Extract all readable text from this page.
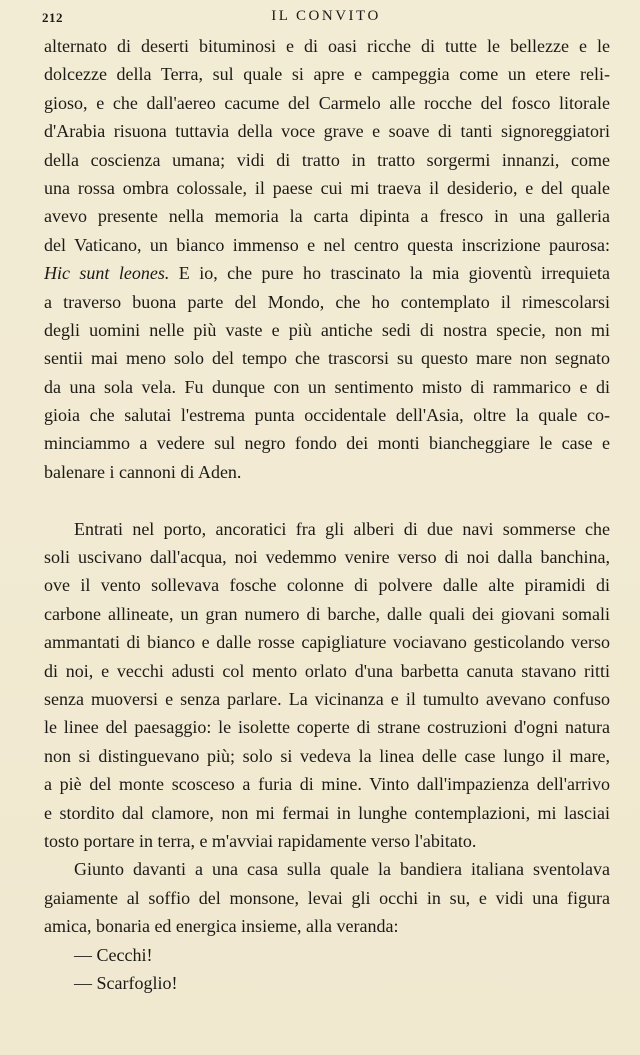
212	IL CONVITO
alternato di deserti bituminosi e di oasi ricche di tutte le bellezze e le
dolcezze della Terra, sul quale si apre e campeggia come un etere reli-
gioso, e che dall'aereo cacume del Carmelo alle rocche del fosco litorale
d'Arabia risuona tuttavia della voce grave e soave di tanti signoreggiatori
della coscienza umana; vidi di tratto in tratto sorgermi innanzi, come
una rossa ombra colossale, il paese cui mi traeva il desiderio, e del quale
avevo presente nella memoria la carta dipinta a fresco in una galleria
del Vaticano, un bianco immenso e nel centro questa inscrizione paurosa:
Hic sunt leones. E io, che pure ho trascinato la mia gioventù irrequieta
a traverso buona parte del Mondo, che ho contemplato il rimescolarsi
degli uomini nelle più vaste e più antiche sedi di nostra specie, non mi
sentii mai meno solo del tempo che trascorsi su questo mare non segnato
da una sola vela. Fu dunque con un sentimento misto di rammarico e di
gioia che salutai l'estrema punta occidentale dell'Asia, oltre la quale co-
minciammo a vedere sul negro fondo dei monti biancheggiare le case e
balenare i cannoni di Aden.
Entrati nel porto, ancoratici fra gli alberi di due navi sommerse che
soli uscivano dall'acqua, noi vedemmo venire verso di noi dalla banchina,
ove il vento sollevava fosche colonne di polvere dalle alte piramidi di
carbone allineate, un gran numero di barche, dalle quali dei giovani somali
ammantati di bianco e dalle rosse capigliature vociavano gesticolando verso
di noi, e vecchi adusti col mento orlato d'una barbetta canuta stavano ritti
senza muoversi e senza parlare. La vicinanza e il tumulto avevano confuso
le linee del paesaggio: le isolette coperte di strane costruzioni d'ogni natura
non si distinguevano più; solo si vedeva la linea delle case lungo il mare,
a piè del monte scosceso a furia di mine. Vinto dall'impazienza dell'arrivo
e stordito dal clamore, non mi fermai in lunghe contemplazioni, mi lasciai
tosto portare in terra, e m'avviai rapidamente verso l'abitato.
Giunto davanti a una casa sulla quale la bandiera italiana sventolava
gaiamente al soffio del monsone, levai gli occhi in su, e vidi una figura
amica, bonaria ed energica insieme, alla veranda:
— Cecchi!
— Scarfoglio!
